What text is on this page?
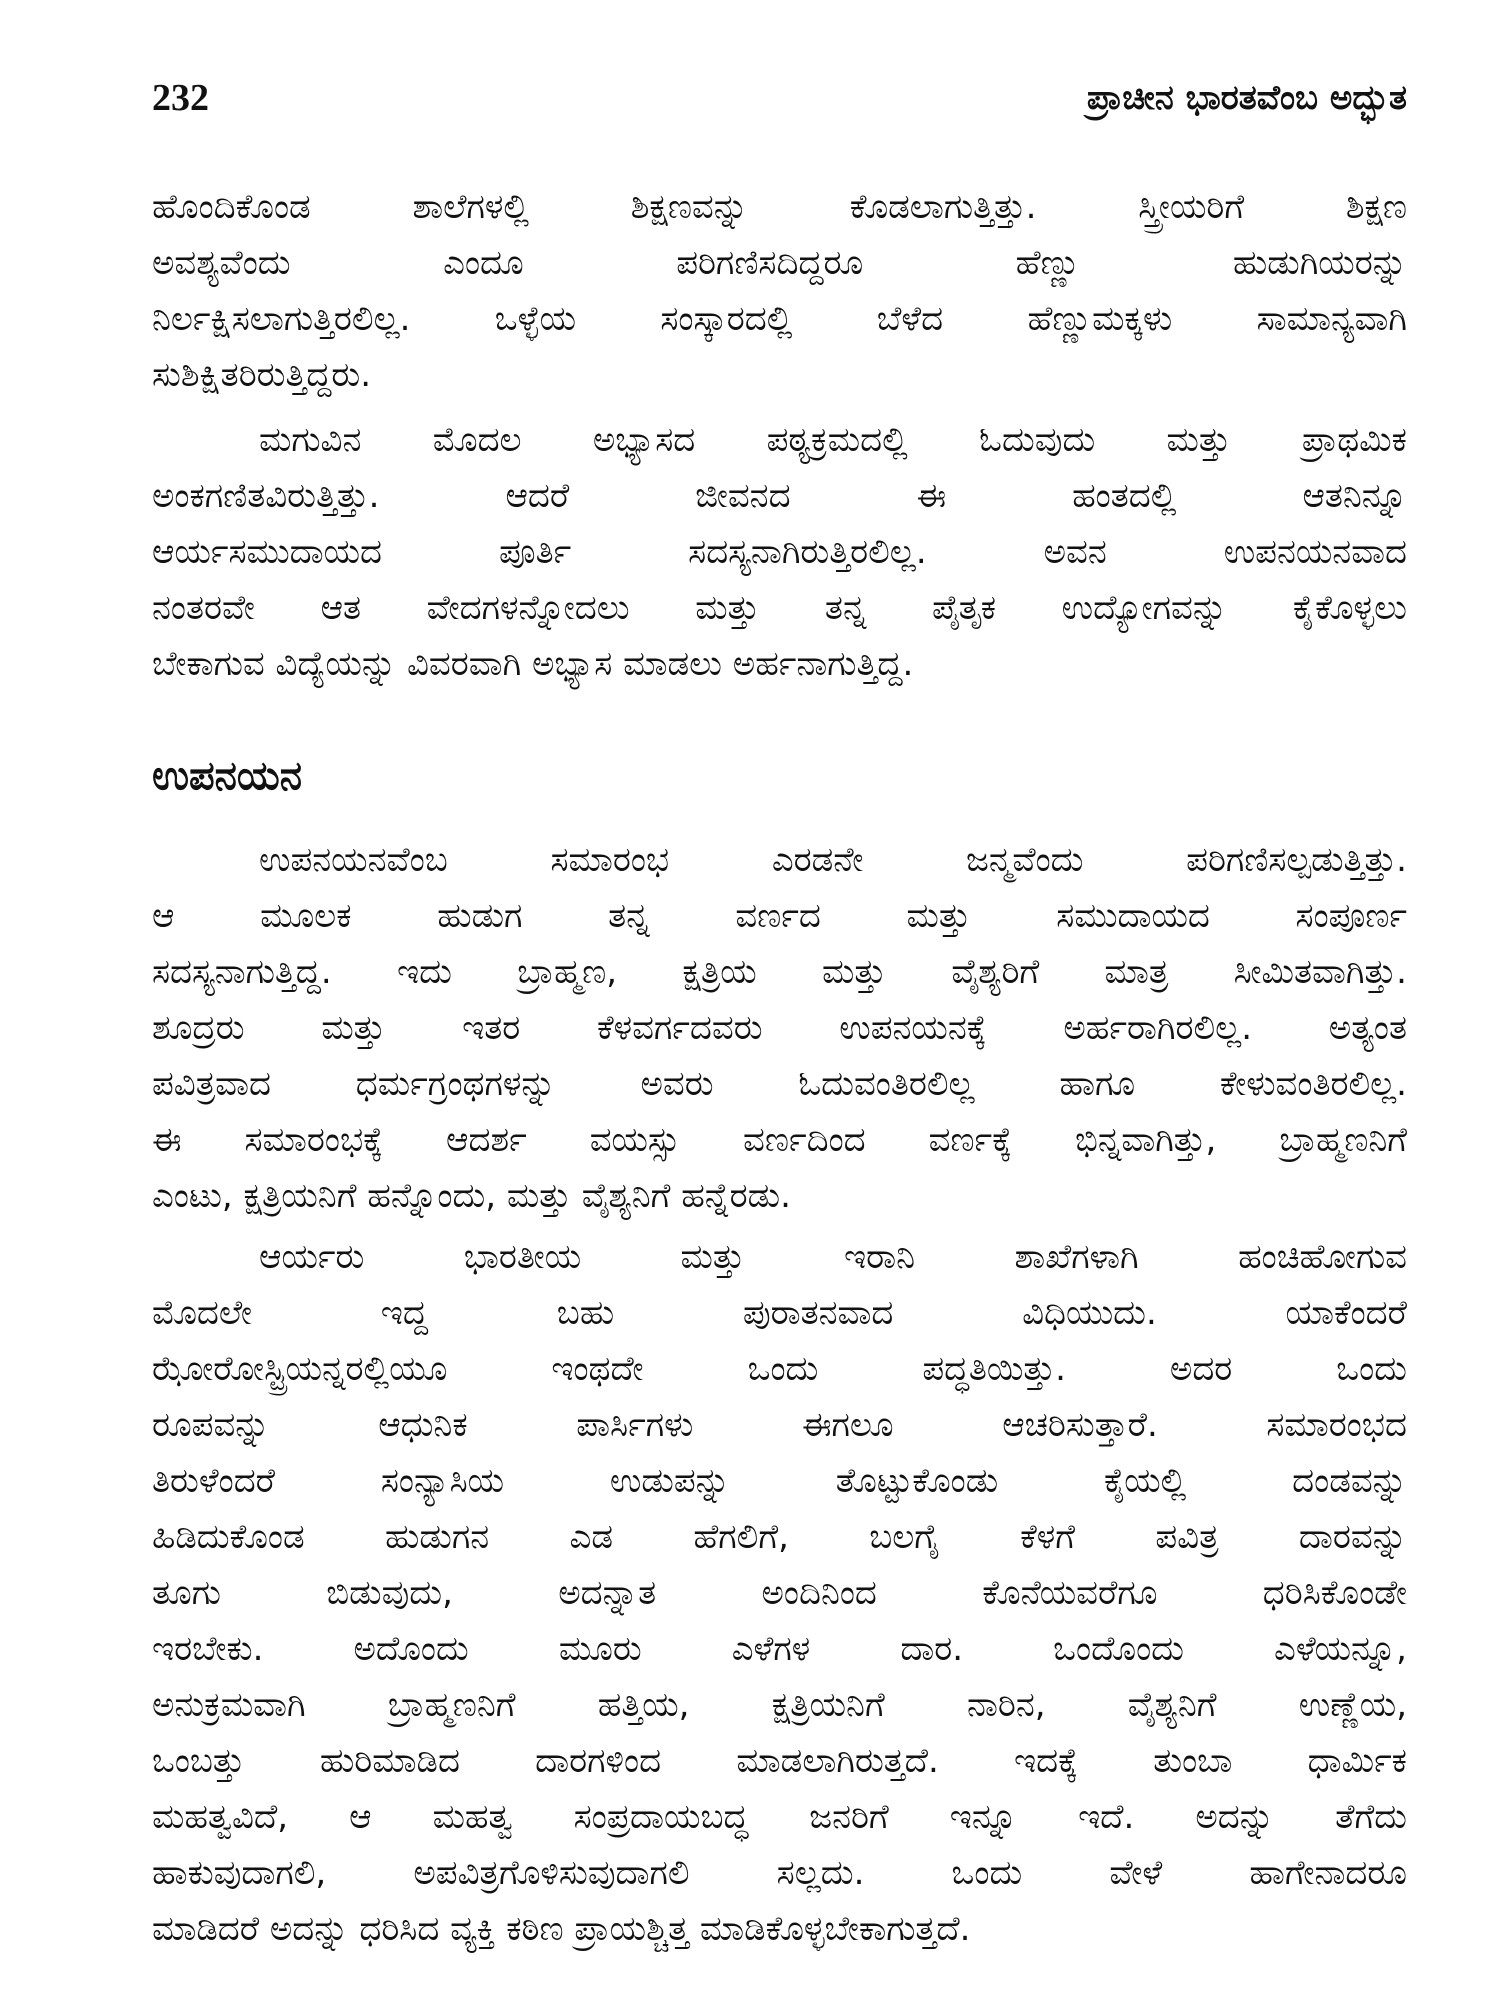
232	ಪ್ರಾಚೀನ ಭಾರತವೆಂಬ ಅದ್ಭುತ
ಹೊಂದಿಕೊಂಡ ಶಾಲೆಗಳಲ್ಲಿ ಶಿಕ್ಷಣವನ್ನು ಕೊಡಲಾಗುತ್ತಿತ್ತು. ಸ್ತ್ರೀಯರಿಗೆ ಶಿಕ್ಷಣ
ಅವಶ್ಯವೆಂದು ಎಂದೂ ಪರಿಗಣಿಸದಿದ್ದರೂ ಹೆಣ್ಣು ಹುಡುಗಿಯರನ್ನು
ನಿರ್ಲಕ್ಷಿಸಲಾಗುತ್ತಿರಲಿಲ್ಲ. ಒಳ್ಳೆಯ ಸಂಸ್ಕಾರದಲ್ಲಿ ಬೆಳೆದ ಹೆಣ್ಣುಮಕ್ಕಳು ಸಾಮಾನ್ಯವಾಗಿ
ಸುಶಿಕ್ಷಿತರಿರುತ್ತಿದ್ದರು.
ಮಗುವಿನ ಮೊದಲ ಅಭ್ಯಾಸದ ಪಠ್ಯಕ್ರಮದಲ್ಲಿ ಓದುವುದು ಮತ್ತು ಪ್ರಾಥಮಿಕ
ಅಂಕಗಣಿತವಿರುತ್ತಿತ್ತು. ಆದರೆ ಜೀವನದ ಈ ಹಂತದಲ್ಲಿ ಆತನಿನ್ನೂ
ಆರ್ಯಸಮುದಾಯದ ಪೂರ್ತಿ ಸದಸ್ಯನಾಗಿರುತ್ತಿರಲಿಲ್ಲ. ಅವನ ಉಪನಯನವಾದ
ನಂತರವೇ ಆತ ವೇದಗಳನ್ನೋದಲು ಮತ್ತು ತನ್ನ ಪೈತೃಕ ಉದ್ಯೋಗವನ್ನು ಕೈಕೊಳ್ಳಲು
ಬೇಕಾಗುವ ವಿದ್ಯೆಯನ್ನು ವಿವರವಾಗಿ ಅಭ್ಯಾಸ ಮಾಡಲು ಅರ್ಹನಾಗುತ್ತಿದ್ದ.
ಉಪನಯನ
ಉಪನಯನವೆಂಬ ಸಮಾರಂಭ ಎರಡನೇ ಜನ್ಮವೆಂದು ಪರಿಗಣಿಸಲ್ಪಡುತ್ತಿತ್ತು.
ಆ ಮೂಲಕ ಹುಡುಗ ತನ್ನ ವರ್ಣದ ಮತ್ತು ಸಮುದಾಯದ ಸಂಪೂರ್ಣ
ಸದಸ್ಯನಾಗುತ್ತಿದ್ದ. ಇದು ಬ್ರಾಹ್ಮಣ, ಕ್ಷತ್ರಿಯ ಮತ್ತು ವೈಶ್ಯರಿಗೆ ಮಾತ್ರ ಸೀಮಿತವಾಗಿತ್ತು.
ಶೂದ್ರರು ಮತ್ತು ಇತರ ಕೆಳವರ್ಗದವರು ಉಪನಯನಕ್ಕೆ ಅರ್ಹರಾಗಿರಲಿಲ್ಲ. ಅತ್ಯಂತ
ಪವಿತ್ರವಾದ ಧರ್ಮಗ್ರಂಥಗಳನ್ನು ಅವರು ಓದುವಂತಿರಲಿಲ್ಲ ಹಾಗೂ ಕೇಳುವಂತಿರಲಿಲ್ಲ.
ಈ ಸಮಾರಂಭಕ್ಕೆ ಆದರ್ಶ ವಯಸ್ಸು ವರ್ಣದಿಂದ ವರ್ಣಕ್ಕೆ ಭಿನ್ನವಾಗಿತ್ತು, ಬ್ರಾಹ್ಮಣನಿಗೆ
ಎಂಟು, ಕ್ಷತ್ರಿಯನಿಗೆ ಹನ್ನೊಂದು, ಮತ್ತು ವೈಶ್ಯನಿಗೆ ಹನ್ನೆರಡು.
ಆರ್ಯರು ಭಾರತೀಯ ಮತ್ತು ಇರಾನಿ ಶಾಖೆಗಳಾಗಿ ಹಂಚಿಹೋಗುವ
ಮೊದಲೇ ಇದ್ದ ಬಹು ಪುರಾತನವಾದ ವಿಧಿಯುದು. ಯಾಕೆಂದರೆ
ಝೋರೋಸ್ಟ್ರಿಯನ್ನರಲ್ಲಿಯೂ ಇಂಥದೇ ಒಂದು ಪದ್ಧತಿಯಿತ್ತು. ಅದರ ಒಂದು
ರೂಪವನ್ನು ಆಧುನಿಕ ಪಾರ್ಸಿಗಳು ಈಗಲೂ ಆಚರಿಸುತ್ತಾರೆ. ಸಮಾರಂಭದ
ತಿರುಳೆಂದರೆ ಸಂನ್ಯಾಸಿಯ ಉಡುಪನ್ನು ತೊಟ್ಟುಕೊಂಡು ಕೈಯಲ್ಲಿ ದಂಡವನ್ನು
ಹಿಡಿದುಕೊಂಡ ಹುಡುಗನ ಎಡ ಹೆಗಲಿಗೆ, ಬಲಗೈ ಕೆಳಗೆ ಪವಿತ್ರ ದಾರವನ್ನು
ತೂಗು ಬಿಡುವುದು, ಅದನ್ನಾತ ಅಂದಿನಿಂದ ಕೊನೆಯವರೆಗೂ ಧರಿಸಿಕೊಂಡೇ
ಇರಬೇಕು. ಅದೊಂದು ಮೂರು ಎಳೆಗಳ ದಾರ. ಒಂದೊಂದು ಎಳೆಯನ್ನೂ,
ಅನುಕ್ರಮವಾಗಿ ಬ್ರಾಹ್ಮಣನಿಗೆ ಹತ್ತಿಯ, ಕ್ಷತ್ರಿಯನಿಗೆ ನಾರಿನ, ವೈಶ್ಯನಿಗೆ ಉಣ್ಣೆಯ,
ಒಂಬತ್ತು ಹುರಿಮಾಡಿದ ದಾರಗಳಿಂದ ಮಾಡಲಾಗಿರುತ್ತದೆ. ಇದಕ್ಕೆ ತುಂಬಾ ಧಾರ್ಮಿಕ
ಮಹತ್ವವಿದೆ, ಆ ಮಹತ್ವ ಸಂಪ್ರದಾಯಬದ್ಧ ಜನರಿಗೆ ಇನ್ನೂ ಇದೆ. ಅದನ್ನು ತೆಗೆದು
ಹಾಕುವುದಾಗಲಿ, ಅಪವಿತ್ರಗೊಳಿಸುವುದಾಗಲಿ ಸಲ್ಲದು. ಒಂದು ವೇಳೆ ಹಾಗೇನಾದರೂ
ಮಾಡಿದರೆ ಅದನ್ನು ಧರಿಸಿದ ವ್ಯಕ್ತಿ ಕಠಿಣ ಪ್ರಾಯಶ್ಚಿತ್ತ ಮಾಡಿಕೊಳ್ಳಬೇಕಾಗುತ್ತದೆ.
